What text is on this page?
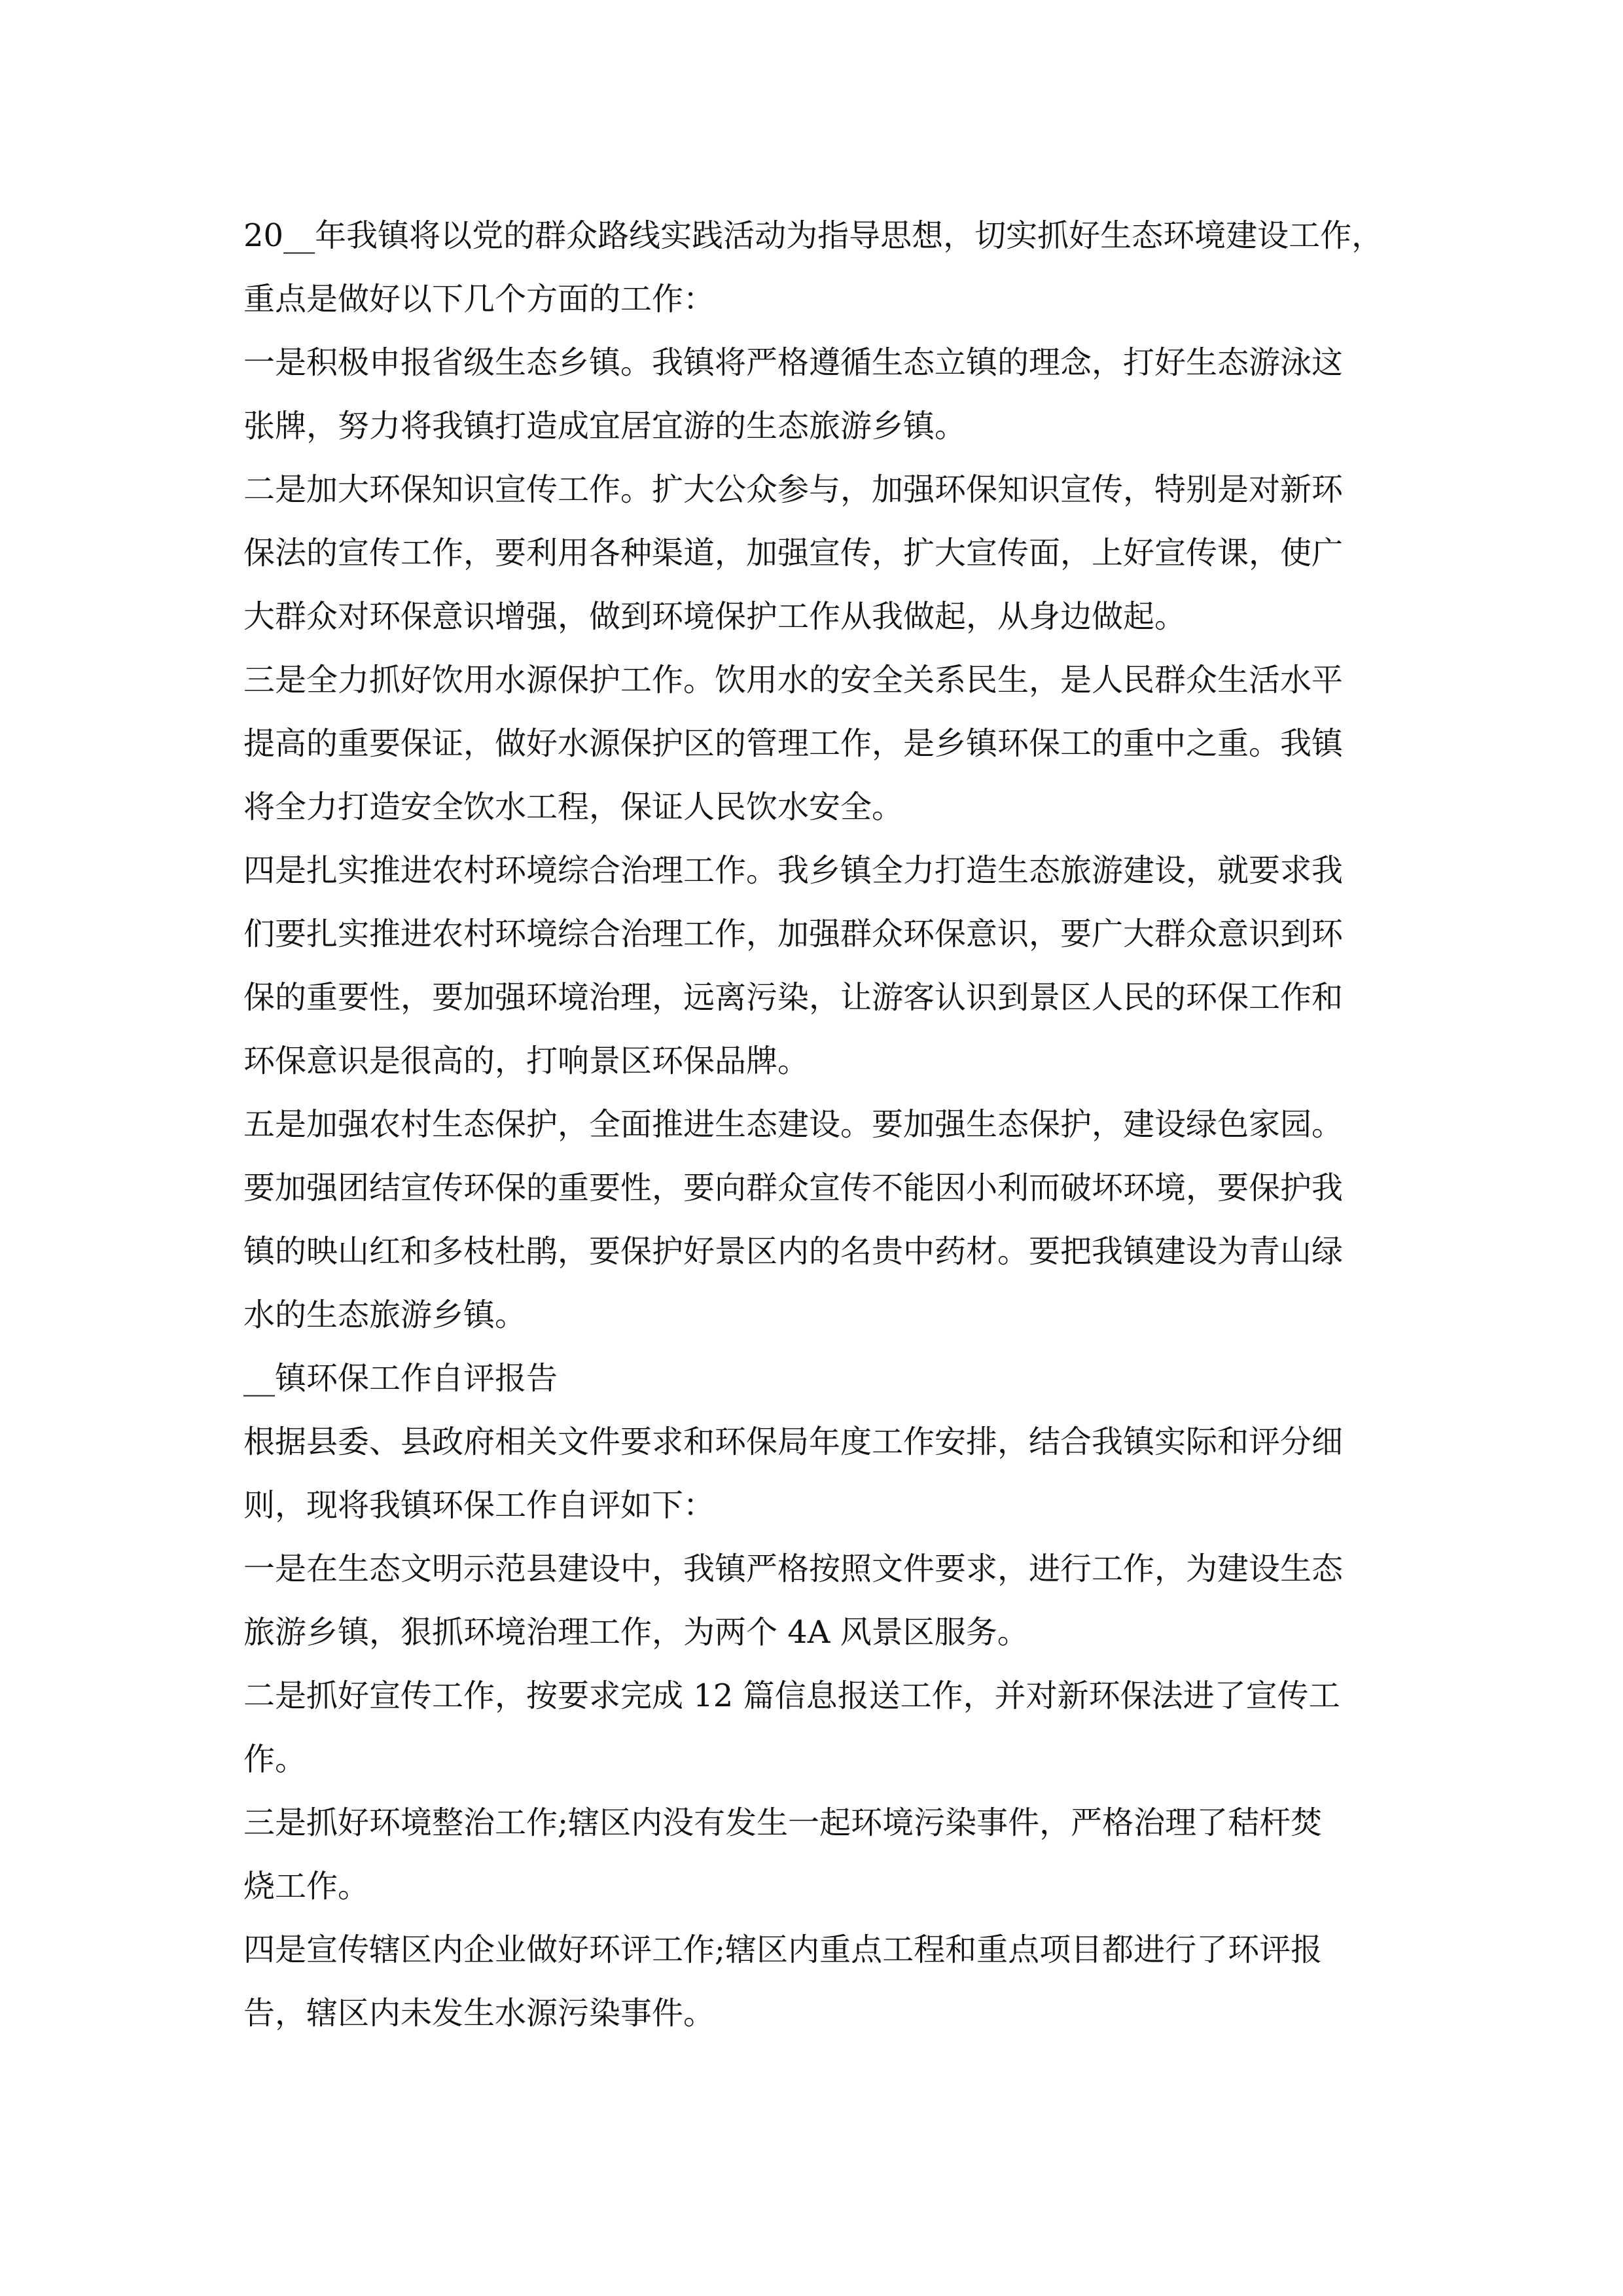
20__年我镇将以党的群众路线实践活动为指导思想，切实抓好生态环境建设工作，
重点是做好以下几个方面的工作：
一是积极申报省级生态乡镇。我镇将严格遵循生态立镇的理念，打好生态游泳这
张牌，努力将我镇打造成宜居宜游的生态旅游乡镇。
二是加大环保知识宣传工作。扩大公众参与，加强环保知识宣传，特别是对新环
保法的宣传工作，要利用各种渠道，加强宣传，扩大宣传面，上好宣传课，使广
大群众对环保意识增强，做到环境保护工作从我做起，从身边做起。
三是全力抓好饮用水源保护工作。饮用水的安全关系民生，是人民群众生活水平
提高的重要保证，做好水源保护区的管理工作，是乡镇环保工的重中之重。我镇
将全力打造安全饮水工程，保证人民饮水安全。
四是扎实推进农村环境综合治理工作。我乡镇全力打造生态旅游建设，就要求我
们要扎实推进农村环境综合治理工作，加强群众环保意识，要广大群众意识到环
保的重要性，要加强环境治理，远离污染，让游客认识到景区人民的环保工作和
环保意识是很高的，打响景区环保品牌。
五是加强农村生态保护，全面推进生态建设。要加强生态保护，建设绿色家园。
要加强团结宣传环保的重要性，要向群众宣传不能因小利而破坏环境，要保护我
镇的映山红和多枝杜鹃，要保护好景区内的名贵中药材。要把我镇建设为青山绿
水的生态旅游乡镇。
__镇环保工作自评报告
根据县委、县政府相关文件要求和环保局年度工作安排，结合我镇实际和评分细
则，现将我镇环保工作自评如下：
一是在生态文明示范县建设中，我镇严格按照文件要求，进行工作，为建设生态
旅游乡镇，狠抓环境治理工作，为两个 4A 风景区服务。
二是抓好宣传工作，按要求完成 12 篇信息报送工作，并对新环保法进了宣传工
作。
三是抓好环境整治工作;辖区内没有发生一起环境污染事件，严格治理了秸杆焚
烧工作。
四是宣传辖区内企业做好环评工作;辖区内重点工程和重点项目都进行了环评报
告，辖区内未发生水源污染事件。
